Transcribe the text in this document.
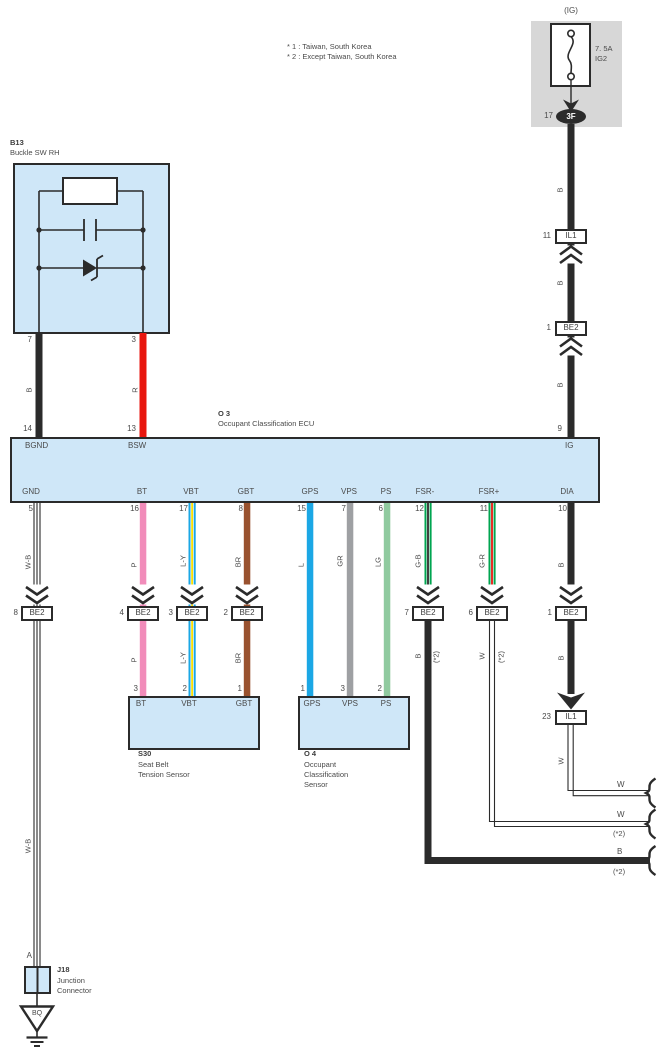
* 1 : Taiwan, South Korea
* 2 : Except Taiwan, South Korea
(IG)
7. 5A
IG2
17	3F
B
11	IL1
B
1	BE2
B
9
B13
Buckle SW RH
7	3
B	R
14	13
O 3
Occupant Classification ECU
BGND	BSW	IG
GND	BT	VBT	GBT	GPS	VPS	PS	FSR-	FSR+	DIA
5	16	17	8	15	7	6	12	11	10
W-B	P	L-Y	BR	L	GR	LG	G-B	G-R	B
8	BE2	4	BE2	3	BE2	2	BE2	7	BE2	6	BE2	1	BE2
P	L-Y	BR	B (*2)	W (*2)	B
3	2	1	1	3	2
BT	VBT	GBT	GPS	VPS	PS
S30
Seat Belt
Tension Sensor
O 4
Occupant
Classification
Sensor
23	IL1
W
W
W
(*2)
B
(*2)
W-B
A
J18
Junction
Connector
BQ
